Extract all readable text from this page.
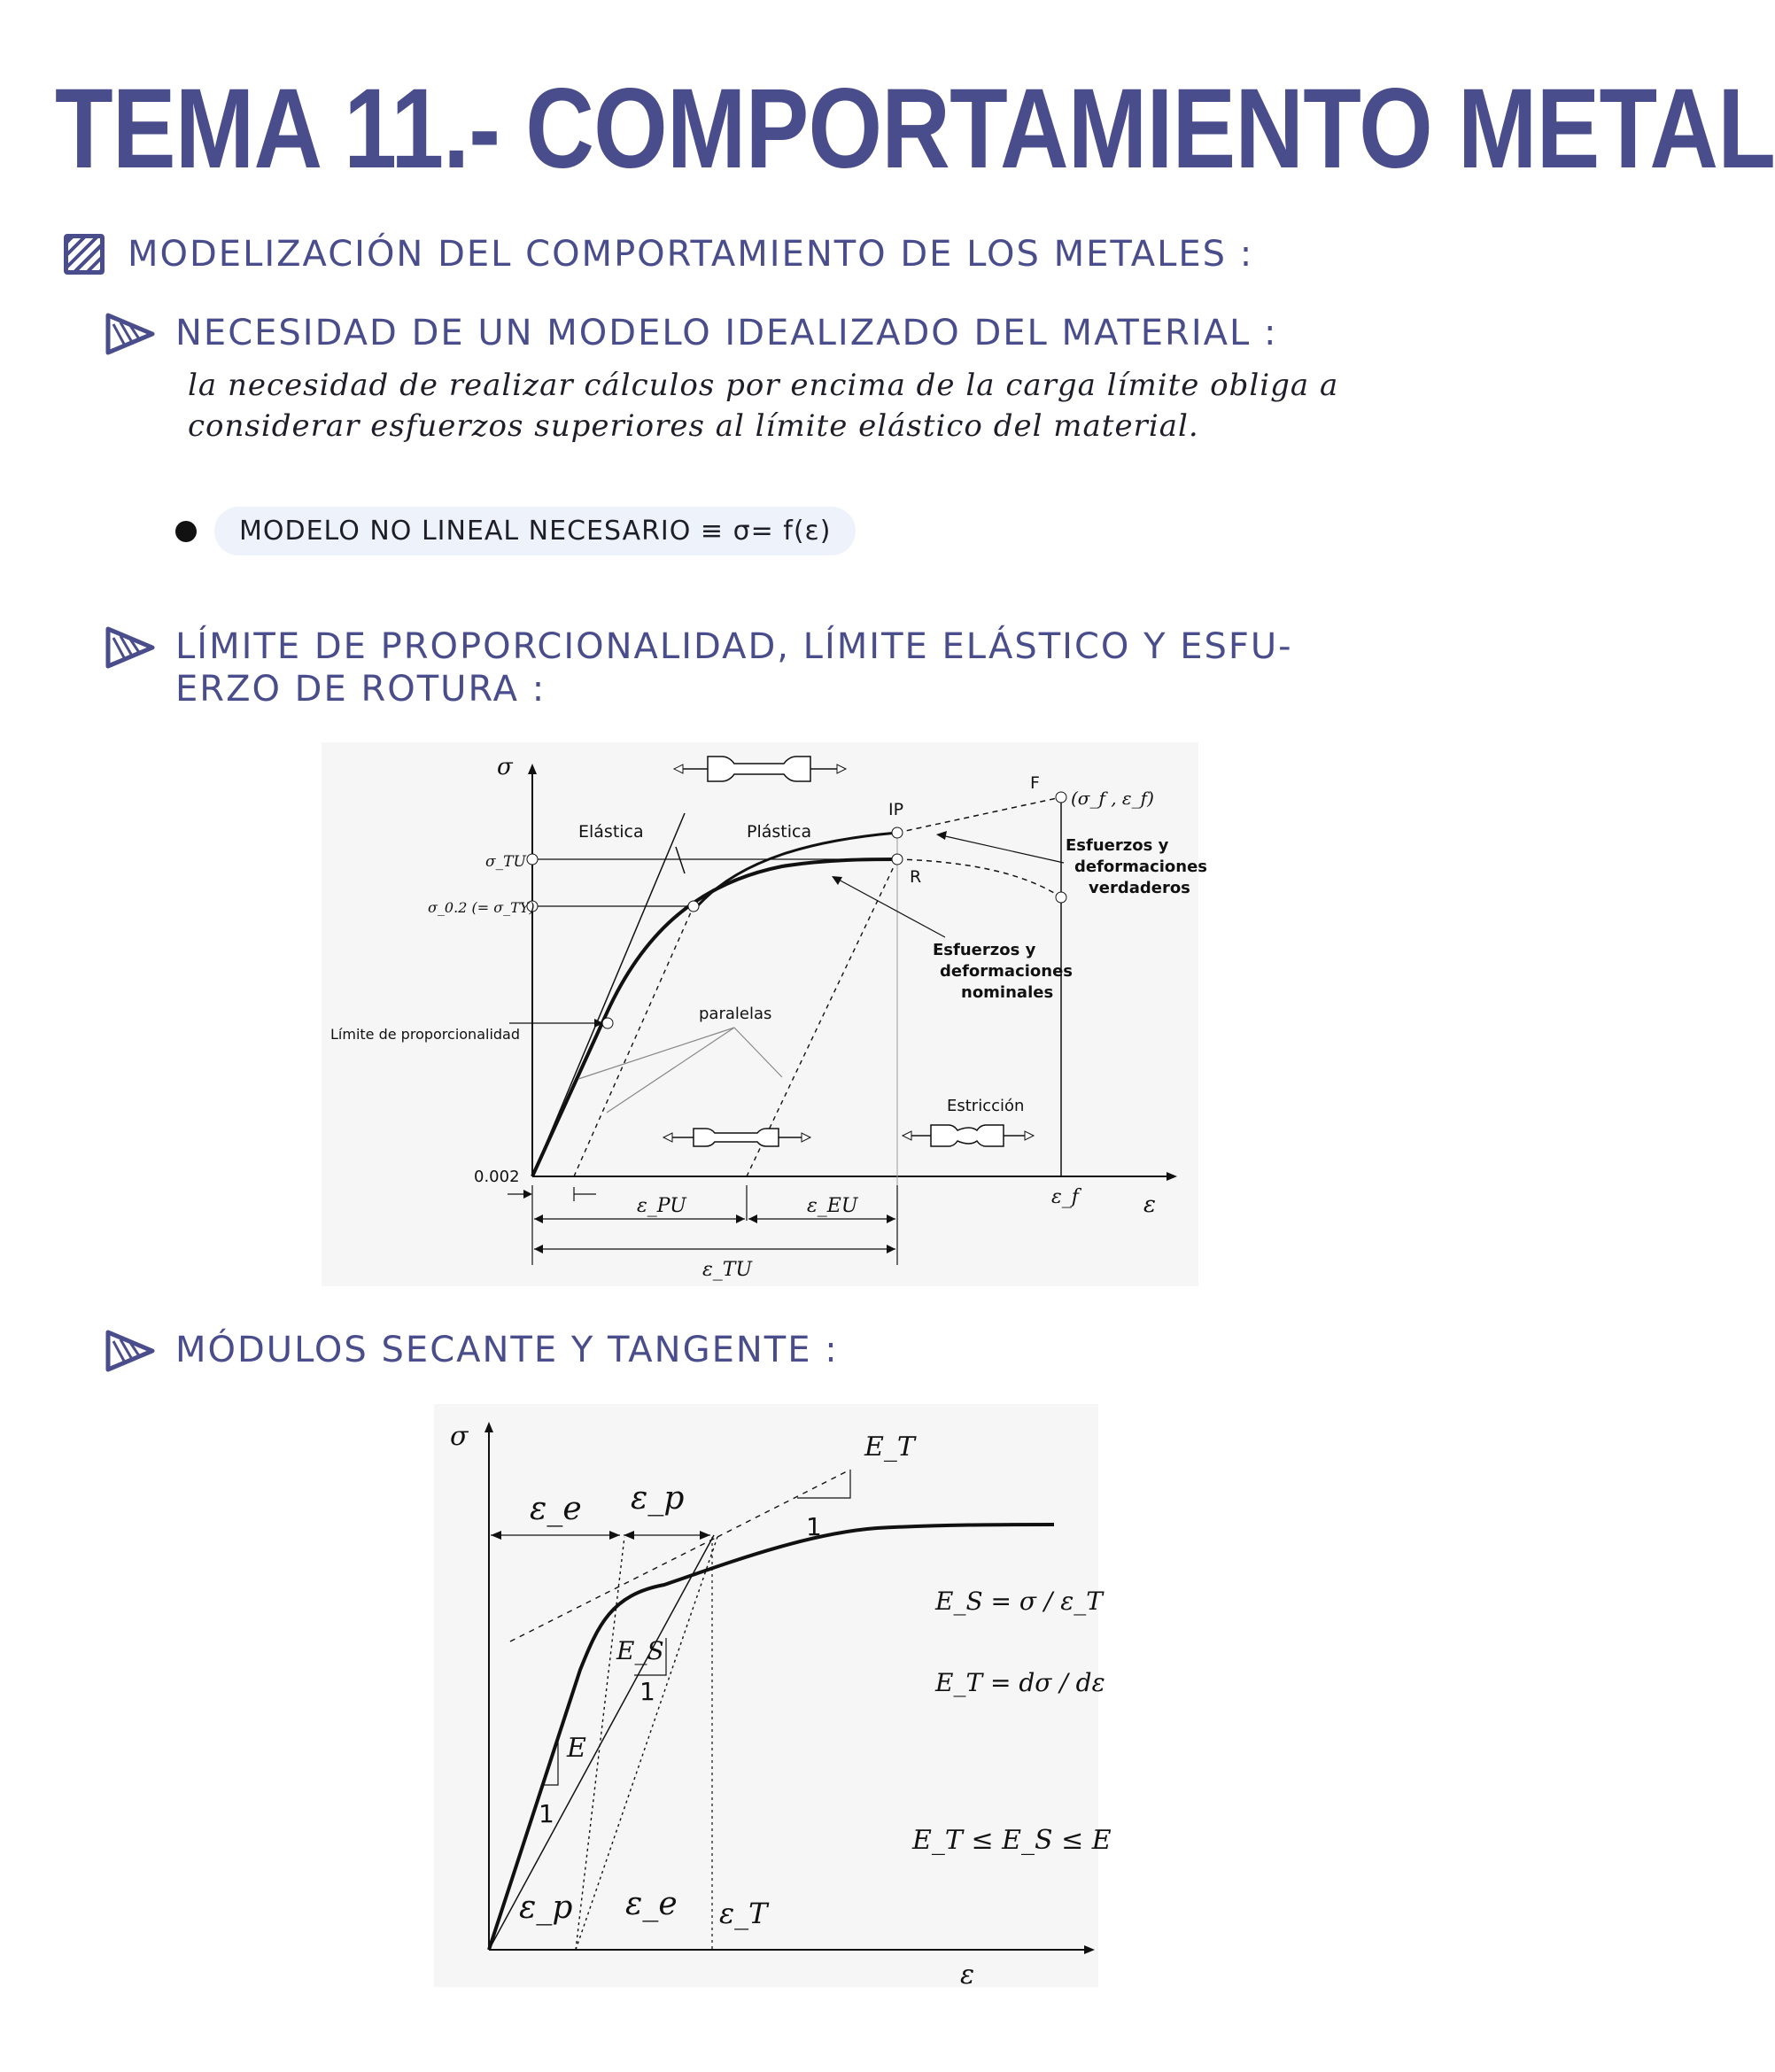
TEMA 11.- COMPORTAMIENTO METAL
MODELIZACIÓN DEL COMPORTAMIENTO DE LOS METALES :
NECESIDAD DE UN MODELO IDEALIZADO DEL MATERIAL :
la necesidad de realizar cálculos por encima de la carga límite obliga a considerar esfuerzos superiores al límite elástico del material.
MODELO NO LINEAL NECESARIO ≡ σ= f(ε)
LÍMITE DE PROPORCIONALIDAD, LÍMITE ELÁSTICO Y ESFU-
ERZO DE ROTURA :
σ
ε
Elástica	Plástica
σ_TU
σ_0.2 (= σ_TY)
IP
F
R
(σ_f , ε_f)
Esfuerzos y
deformaciones
verdaderos
Esfuerzos y
deformaciones
nominales
Límite de proporcionalidad
paralelas
Estricción
0.002
ε_PU	ε_EU
ε_TU
ε_f
MÓDULOS SECANTE Y TANGENTE :
σ
ε
ε_e ε_p
E_T
1
E_S
1
E
1
ε_p ε_e ε_T
E_S = σ / ε_T
E_T = dσ / dε
E_T ≤ E_S ≤ E
